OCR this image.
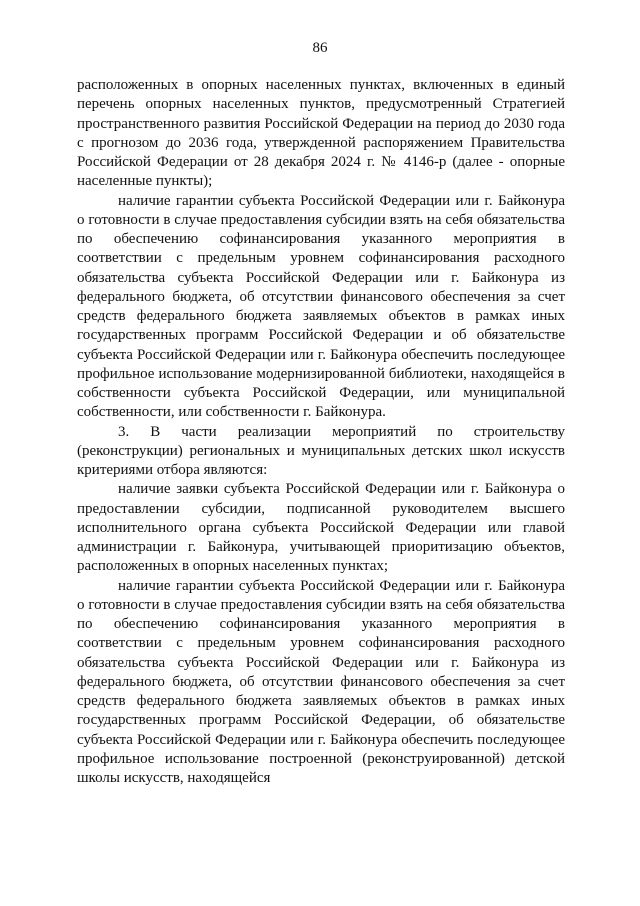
86

расположенных в опорных населенных пунктах, включенных в единый перечень опорных населенных пунктов, предусмотренный Стратегией пространственного развития Российской Федерации на период до 2030 года с прогнозом до 2036 года, утвержденной распоряжением Правительства Российской Федерации от 28 декабря 2024 г. № 4146-р (далее - опорные населенные пункты);

наличие гарантии субъекта Российской Федерации или г. Байконура о готовности в случае предоставления субсидии взять на себя обязательства по обеспечению софинансирования указанного мероприятия в соответствии с предельным уровнем софинансирования расходного обязательства субъекта Российской Федерации или г. Байконура из федерального бюджета, об отсутствии финансового обеспечения за счет средств федерального бюджета заявляемых объектов в рамках иных государственных программ Российской Федерации и об обязательстве субъекта Российской Федерации или г. Байконура обеспечить последующее профильное использование модернизированной библиотеки, находящейся в собственности субъекта Российской Федерации, или муниципальной собственности, или собственности г. Байконура.

3. В части реализации мероприятий по строительству (реконструкции) региональных и муниципальных детских школ искусств критериями отбора являются:

наличие заявки субъекта Российской Федерации или г. Байконура о предоставлении субсидии, подписанной руководителем высшего исполнительного органа субъекта Российской Федерации или главой администрации г. Байконура, учитывающей приоритизацию объектов, расположенных в опорных населенных пунктах;

наличие гарантии субъекта Российской Федерации или г. Байконура о готовности в случае предоставления субсидии взять на себя обязательства по обеспечению софинансирования указанного мероприятия в соответствии с предельным уровнем софинансирования расходного обязательства субъекта Российской Федерации или г. Байконура из федерального бюджета, об отсутствии финансового обеспечения за счет средств федерального бюджета заявляемых объектов в рамках иных государственных программ Российской Федерации, об обязательстве субъекта Российской Федерации или г. Байконура обеспечить последующее профильное использование построенной (реконструированной) детской школы искусств, находящейся
